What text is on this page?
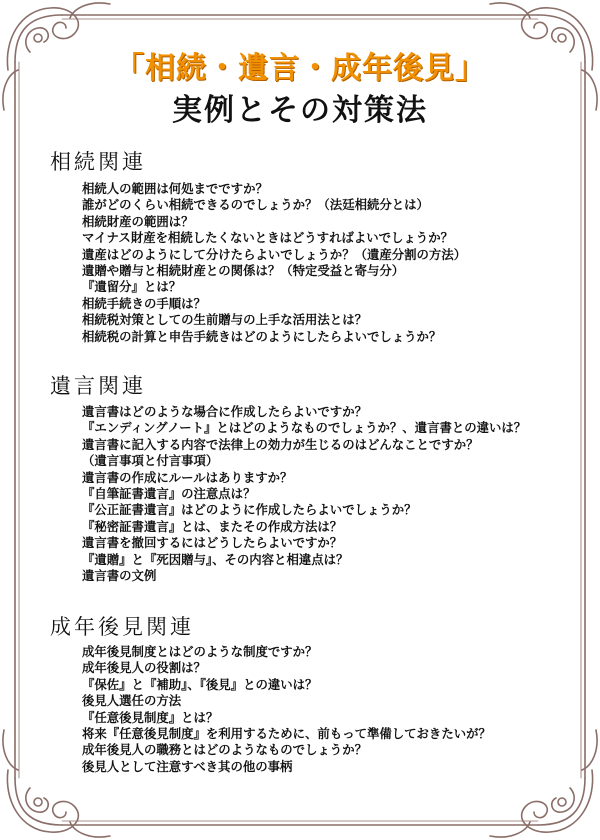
「相続・遺言・成年後見」
実例とその対策法
相続関連
相続人の範囲は何処までですか？
誰がどのくらい相続できるのでしょうか？（法廷相続分とは）
相続財産の範囲は？
マイナス財産を相続したくないときはどうすればよいでしょうか？
遺産はどのようにして分けたらよいでしょうか？（遺産分割の方法）
遺贈や贈与と相続財産との関係は？（特定受益と寄与分）
『遺留分』とは？
相続手続きの手順は？
相続税対策としての生前贈与の上手な活用法とは？
相続税の計算と申告手続きはどのようにしたらよいでしょうか？
遺言関連
遺言書はどのような場合に作成したらよいですか？
『エンディングノート』とはどのようなものでしょうか？、遺言書との違いは？
遺言書に記入する内容で法律上の効力が生じるのはどんなことですか？
（遺言事項と付言事項）
遺言書の作成にルールはありますか？
『自筆証書遺言』の注意点は？
『公正証書遺言』はどのように作成したらよいでしょうか？
『秘密証書遺言』とは、またその作成方法は？
遺言書を撤回するにはどうしたらよいですか？
『遺贈』と『死因贈与』、その内容と相違点は？
遺言書の文例
成年後見関連
成年後見制度とはどのような制度ですか？
成年後見人の役割は？
『保佐』と『補助』、『後見』との違いは？
後見人選任の方法
『任意後見制度』とは？
将来『任意後見制度』を利用するために、前もって準備しておきたいが？
成年後見人の職務とはどのようなものでしょうか？
後見人として注意すべき其の他の事柄
